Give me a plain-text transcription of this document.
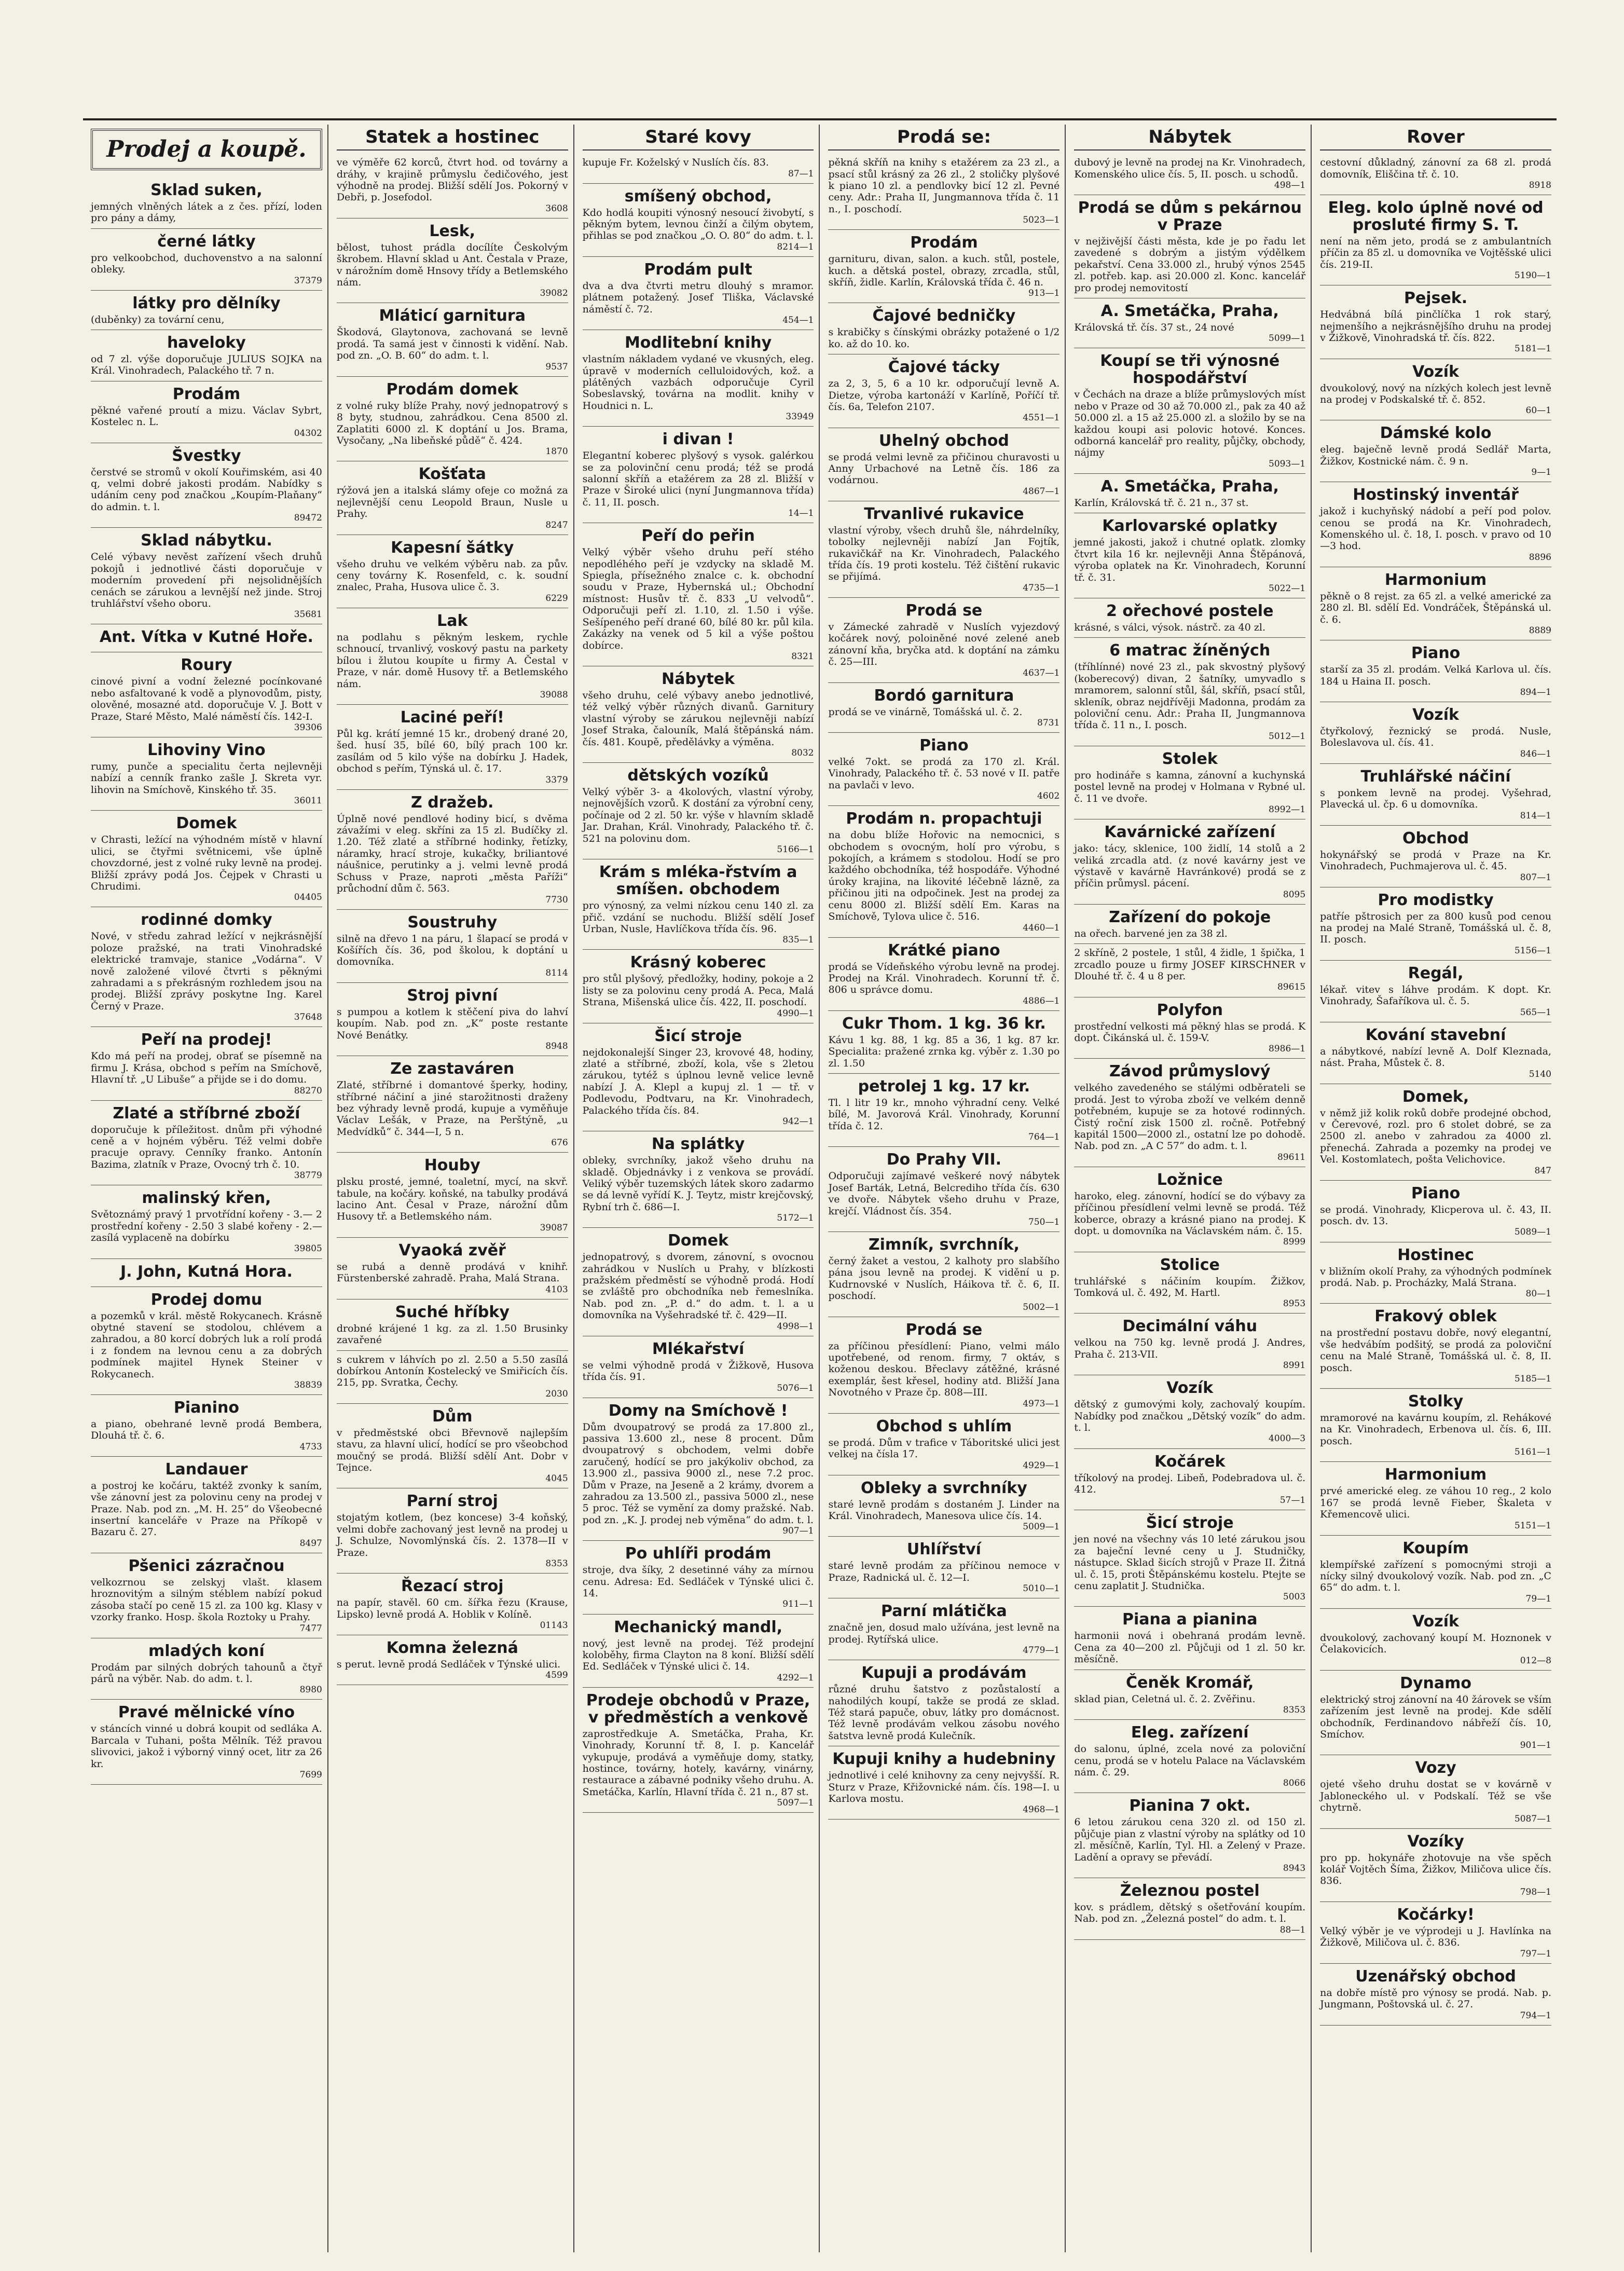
Prodej a koupě.
Sklad suken,
jemných vlněných látek a z čes. přízí, loden pro pány a dámy,
černé látky
pro velkoobchod, duchovenstvo a na salonní obleky.
37379
látky pro dělníky
(duběnky) za tovární cenu,
haveloky
od 7 zl. výše doporučuje JULIUS SOJKA na Král. Vinohradech, Palackého tř. 7 n.
Prodám
pěkné vařené proutí a mizu. Václav Sybrt, Kostelec n. L.
04302
Švestky
čerstvé se stromů v okolí Kouřimském, asi 40 q, velmi dobré jakosti prodám. Nabídky s udáním ceny pod značkou „Koupím-Plaňany“ do admin. t. l.
89472
Sklad nábytku.
Celé výbavy nevěst zařízení všech druhů pokojů i jednotlivé části doporučuje v moderním provedení při nejsolidnějších cenách se zárukou a levnější než jinde. Stroj truhlářství všeho oboru.
35681
Ant. Vítka v Kutné Hoře.
Roury
cinové pivní a vodní železné pocínkované nebo asfaltované k vodě a plynovodům, pisty, olověné, mosazné atd. doporučuje V. J. Bott v Praze, Staré Město, Malé náměstí čís. 142-I.
39306
Lihoviny Vino
rumy, punče a specialitu čerta nejlevněji nabízí a cenník franko zašle J. Skreta vyr. lihovin na Smíchově, Kinského tř. 35.
36011
Domek
v Chrasti, ležící na výhodném místě v hlavní ulici, se čtyřmi světnicemi, vše úplně chovzdorné, jest z volné ruky levně na prodej. Bližší zprávy podá Jos. Čejpek v Chrasti u Chrudimi.
04405
rodinné domky
Nové, v středu zahrad ležící v nejkrásnější poloze pražské, na trati Vinohradské elektrické tramvaje, stanice „Vodárna“. V nově založené vilové čtvrti s pěknými zahradami a s překrásným rozhledem jsou na prodej. Bližší zprávy poskytne Ing. Karel Černý v Praze.
37648
Peří na prodej!
Kdo má peří na prodej, obrať se písemně na firmu J. Krása, obchod s peřím na Smíchově, Hlavní tř. „U Libuše“ a přijde se i do domu.
88270
Zlaté a stříbrné zboží
doporučuje k příležitost. dnům při výhodné ceně a v hojném výběru. Též velmi dobře pracuje opravy. Cenníky franko. Antonín Bazima, zlatník v Praze, Ovocný trh č. 10.
38779
malinský křen,
Světoznámý pravý 1 prvotřídní kořeny - 3.— 2 prostřední kořeny - 2.50 3 slabé kořeny - 2.— zasílá vyplaceně na dobírku
39805
J. John, Kutná Hora.
Prodej domu
a pozemků v král. městě Rokycanech. Krásně obytné stavení se stodolou, chlévem a zahradou, a 80 korcí dobrých luk a rolí prodá i z fondem na levnou cenu a za dobrých podmínek majitel Hynek Steiner v Rokycanech.
38839
Pianino
a piano, obehrané levně prodá Bembera, Dlouhá tř. č. 6.
4733
Landauer
a postroj ke kočáru, taktéž zvonky k saním, vše zánovní jest za polovinu ceny na prodej v Praze. Nab. pod zn. „M. H. 25“ do Všeobecné insertní kanceláře v Praze na Příkopě v Bazaru č. 27.
8497
Pšenici zázračnou
velkozrnou se zelskyj vlašt. klasem hroznovitým a silným stéblem nabízí pokud zásoba stačí po ceně 15 zl. za 100 kg. Klasy v vzorky franko. Hosp. škola Roztoky u Prahy.
7477
mladých koní
Prodám par silných dobrých tahounů a čtyř párů na výběr. Nab. do adm. t. l.
8980
Pravé mělnické víno
v stáncích vinné u dobrá koupit od sedláka A. Barcala v Tuhani, pošta Mělník. Též pravou slivovici, jakož i výborný vinný ocet, litr za 26 kr.
7699
Statek a hostinec
ve výměře 62 korců, čtvrt hod. od továrny a dráhy, v krajině průmyslu čedičového, jest výhodně na prodej. Bližší sdělí Jos. Pokorný v Debři, p. Josefodol.
3608
Lesk,
bělost, tuhost prádla docílíte Českolvým škrobem. Hlavní sklad u Ant. Čestala v Praze, v nárožním domě Hnsovy třídy a Betlemského nám.
39082
Mláticí garnitura
Škodová, Glaytonova, zachovaná se levně prodá. Ta samá jest v činnosti k vidění. Nab. pod zn. „O. B. 60“ do adm. t. l.
9537
Prodám domek
z volné ruky blíže Prahy, nový jednopatrový s 8 byty, studnou, zahrádkou. Cena 8500 zl. Zaplatiti 6000 zl. K doptání u Jos. Brama, Vysočany, „Na libeňské půdě“ č. 424.
1870
Košťata
rýžová jen a italská slámy ofeje co možná za nejlevnější cenu Leopold Braun, Nusle u Prahy.
8247
Kapesní šátky
všeho druhu ve velkém výběru nab. za pův. ceny továrny K. Rosenfeld, c. k. soudní znalec, Praha, Husova ulice č. 3.
6229
Lak
na podlahu s pěkným leskem, rychle schnoucí, trvanlivý, voskový pastu na parkety bílou i žlutou koupíte u firmy A. Čestal v Praze, v nár. domě Husovy tř. a Betlemského nám.
39088
Laciné peří!
Půl kg. krátí jemné 15 kr., drobený drané 20, šed. husí 35, bílé 60, bílý prach 100 kr. zasílám od 5 kilo výše na dobírku J. Hadek, obchod s peřím, Týnská ul. č. 17.
3379
Z dražeb.
Úplně nové pendlové hodiny bicí, s dvěma závažími v eleg. skříni za 15 zl. Budíčky zl. 1.20. Též zlaté a stříbrné hodinky, řetízky, náramky, hrací stroje, kukačky, briliantové náušnice, perutinky a j. velmi levně prodá Schuss v Praze, naproti „města Paříži“ průchodní dům č. 563.
7730
Soustruhy
silně na dřevo 1 na páru, 1 šlapací se prodá v Košířích čís. 36, pod školou, k doptání u domovníka.
8114
Stroj pivní
s pumpou a kotlem k stěčení piva do lahví koupím. Nab. pod zn. „K“ poste restante Nové Benátky.
8948
Ze zastaváren
Zlaté, stříbrné i domantové šperky, hodiny, stříbrné náčiní a jiné starožitnosti draženy bez výhrady levně prodá, kupuje a vyměňuje Václav Lešák, v Praze, na Perštýně, „u Medvídků“ č. 344—I, 5 n.
676
Houby
plsku prosté, jemné, toaletní, mycí, na skvř. tabule, na kočáry. koňské, na tabulky prodává lacino Ant. Česal v Praze, nárožní dům Husovy tř. a Betlemského nám.
39087
Vyaoká zvěř
se rubá a denně prodává v knihř. Fürstenberské zahradě. Praha, Malá Strana.
4103
Suché hříbky
drobné krájené 1 kg. za zl. 1.50 Brusinky zavařené
s cukrem v láhvích po zl. 2.50 a 5.50 zasílá dobírkou Antonín Kostelecký ve Smiřicích čís. 215, pp. Svratka, Čechy.
2030
Dům
v předměstské obci Břevnově najlepším stavu, za hlavní ulicí, hodící se pro všeobchod moučný se prodá. Bližší sdělí Ant. Dobr v Tejnce.
4045
Parní stroj
stojatým kotlem, (bez koncese) 3-4 koňský, velmi dobře zachovaný jest levně na prodej u J. Schulze, Novomlýnská čís. 2. 1378—II v Praze.
8353
Řezací stroj
na papír, stavěl. 60 cm. šířka řezu (Krause, Lipsko) levně prodá A. Hoblik v Kolíně.
01143
Komna železná
s perut. levně prodá Sedláček v Týnské ulici.
4599
Staré kovy
kupuje Fr. Koželský v Nuslích čís. 83.
87—1
smíšený obchod,
Kdo hodlá koupiti výnosný nesoucí živobytí, s pěkným bytem, levnou činží a čilým obytem, přihlas se pod značkou „O. O. 80“ do adm. t. l.
8214—1
Prodám pult
dva a dva čtvrti metru dlouhý s mramor. plátnem potažený. Josef Tliška, Václavské náměstí č. 72.
454—1
Modlitební knihy
vlastním nákladem vydané ve vkusných, eleg. úpravě v moderních celluloidových, kož. a plátěných vazbách odporučuje Cyril Sobeslavský, továrna na modlit. knihy v Houdnici n. L.
33949
i divan !
Elegantní koberec plyšový s vysok. galérkou se za polovinční cenu prodá; též se prodá salonní skříň a etažérem za 28 zl. Bližší v Praze v Široké ulici (nyní Jungmannova třída) č. 11, II. posch.
14—1
Peří do peřin
Velký výběr všeho druhu peří stého nepodléhého peří je vzdycky na skladě M. Spiegla, přísežného znalce c. k. obchodní soudu v Praze, Hybernská ul.; Obchodní místnost: Husův tř. č. 833 „U velvodů“. Odporučuji peří zl. 1.10, zl. 1.50 i výše. Sešípeného peří drané 60, bílé 80 kr. půl kila. Zakázky na venek od 5 kil a výše poštou dobírce.
8321
Nábytek
všeho druhu, celé výbavy anebo jednotlivé, též velký výběr různých divanů. Garnitury vlastní výroby se zárukou nejlevněji nabízí Josef Straka, čalouník, Malá štěpánská nám. čís. 481. Koupě, předělávky a výměna.
8032
dětských vozíků
Velký výběr 3- a 4kolových, vlastní výroby, nejnovějších vzorů. K dostání za výrobní ceny, počínaje od 2 zl. 50 kr. výše v hlavním skladě Jar. Drahan, Král. Vinohrady, Palackého tř. č. 521 na polovinu dom.
5166—1
Krám s mléka-řstvím a smíšen. obchodem
pro výnosný, za velmi nízkou cenu 140 zl. za přič. vzdání se nuchodu. Bližší sdělí Josef Urban, Nusle, Havlíčkova třída čís. 96.
835—1
Krásný koberec
pro stůl plyšový, předložky, hodiny, pokoje a 2 listy se za polovinu ceny prodá A. Peca, Malá Strana, Mišenská ulice čís. 422, II. poschodí.
4990—1
Šicí stroje
nejdokonalejší Singer 23, krovové 48, hodiny, zlaté a stříbrné, zboží, kola, vše s 2letou zárukou, tytéž s úplnou levně velice levně nabízí J. A. Klepl a kupuj zl. 1 — tř. v Podlevodu, Podtvaru, na Kr. Vinohradech, Palackého třída čís. 84.
942—1
Na splátky
obleky, svrchníky, jakož všeho druhu na skladě. Objednávky i z venkova se provádí. Veliký výběr tuzemských látek skoro zadarmo se dá levně vyřídí K. J. Teytz, mistr krejčovský, Rybní trh č. 686—I.
5172—1
Domek
jednopatrový, s dvorem, zánovní, s ovocnou zahrádkou v Nuslích u Prahy, v blízkosti pražském předměstí se výhodně prodá. Hodí se zvláště pro obchodníka neb řemeslníka. Nab. pod zn. „P. d.“ do adm. t. l. a u domovníka na Vyšehradské tř. č. 429—II.
4998—1
Mlékařství
se velmi výhodně prodá v Žižkově, Husova třída čís. 91.
5076—1
Domy na Smíchově !
Dům dvoupatrový se prodá za 17.800 zl., passiva 13.600 zl., nese 8 procent. Dům dvoupatrový s obchodem, velmi dobře zaručený, hodící se pro jakýkoliv obchod, za 13.900 zl., passiva 9000 zl., nese 7.2 proc. Dům v Praze, na Jeseně a 2 krámy, dvorem a zahradou za 13.500 zl., passiva 5000 zl., nese 5 proc. Též se vymění za domy pražské. Nab. pod zn. „K. J. prodej neb výměna“ do adm. t. l.
907—1
Po uhlíři prodám
stroje, dva šíky, 2 desetinné váhy za mírnou cenu. Adresa: Ed. Sedláček v Týnské ulici č. 14.
911—1
Mechanický mandl,
nový, jest levně na prodej. Též prodejní koloběhy, firma Clayton na 8 koní. Bližší sdělí Ed. Sedláček v Týnské ulici č. 14.
4292—1
Prodeje obchodů v Praze, v předměstích a venkově
zaprostředkuje A. Smetáčka, Praha, Kr. Vinohrady, Korunní tř. 8, I. p. Kancelář vykupuje, prodává a vyměňuje domy, statky, hostince, továrny, hotely, kavárny, vinárny, restaurace a zábavné podniky všeho druhu. A. Smetáčka, Karlín, Hlavní třída č. 21 n., 87 st.
5097—1
Prodá se:
pěkná skříň na knihy s etažérem za 23 zl., a psací stůl krásný za 26 zl., 2 stoličky plyšové k piano 10 zl. a pendlovky bicí 12 zl. Pevné ceny. Adr.: Praha II, Jungmannova třída č. 11 n., I. poschodí.
5023—1
Prodám
garnituru, divan, salon. a kuch. stůl, postele, kuch. a dětská postel, obrazy, zrcadla, stůl, skříň, židle. Karlín, Královská třída č. 46 n.
913—1
Čajové bedničky
s krabičky s čínskými obrázky potažené o 1/2 ko. až do 10. ko.
Čajové tácky
za 2, 3, 5, 6 a 10 kr. odporučují levně A. Dietze, výroba kartonáží v Karlíně, Poříčí tř. čís. 6a, Telefon 2107.
4551—1
Uhelný obchod
se prodá velmi levně za přičinou churavosti u Anny Urbachové na Letně čís. 186 za vodárnou.
4867—1
Trvanlivé rukavice
vlastní výroby, všech druhů šle, náhrdelníky, tobolky nejlevněji nabízí Jan Fojtík, rukavičkář na Kr. Vinohradech, Palackého třída čís. 19 proti kostelu. Též čištění rukavic se přijímá.
4735—1
Prodá se
v Zámecké zahradě v Nuslích vyjezdový kočárek nový, poloiněné nové zelené aneb zánovní kňa, bryčka atd. k doptání na zámku č. 25—III.
4637—1
Bordó garnitura
prodá se ve vinárně, Tomášská ul. č. 2.
8731
Piano
velké 7okt. se prodá za 170 zl. Král. Vinohrady, Palackého tř. č. 53 nové v II. patře na pavlači v levo.
4602
Prodám n. propachtuji
na dobu blíže Hořovic na nemocnici, s obchodem s ovocným, holí pro výrobu, s pokojích, a krámem s stodolou. Hodí se pro každého obchodníka, též hospodáře. Výhodné úroky krajina, na likovité léčebně lázně, za přičinou jiti na odpočinek. Jest na prodej za cenu 8000 zl. Bližší sdělí Em. Karas na Smíchově, Tylova ulice č. 516.
4460—1
Krátké piano
prodá se Vídeňského výrobu levně na prodej. Prodej na Král. Vinohradech. Korunní tř. č. 806 u správce domu.
4886—1
Cukr Thom. 1 kg. 36 kr.
Kávu 1 kg. 88, 1 kg. 85 a 36, 1 kg. 87 kr. Specialita: pražené zrnka kg. výběr z. 1.30 po zl. 1.50
petrolej 1 kg. 17 kr.
Tl. l litr 19 kr., mnoho výhradní ceny. Velké bílé, M. Javorová Král. Vinohrady, Korunní třída č. 12.
764—1
Do Prahy VII.
Odporučuji zajímavé veškeré nový nábytek Josef Barták, Letná, Belcrediho třída čís. 630 ve dvoře. Nábytek všeho druhu v Praze, krejčí. Vládnost čís. 354.
750—1
Zimník, svrchník,
černý žaket a vestou, 2 kalhoty pro slabšího pána jsou levně na prodej. K vidění u p. Kudrnovské v Nuslích, Háikova tř. č. 6, II. poschodí.
5002—1
Prodá se
za příčinou přesídlení: Piano, velmi málo upotřebené, od renom. firmy, 7 oktáv, s koženou deskou. Břeclavy zátěžné, krásné exemplár, šest křesel, hodiny atd. Bližší Jana Novotného v Praze čp. 808—III.
4973—1
Obchod s uhlím
se prodá. Dům v trafice v Táboritské ulici jest velkej na čísla 17.
4929—1
Obleky a svrchníky
staré levně prodám s dostaném J. Linder na Král. Vinohradech, Manesova ulice čís. 14.
5009—1
Uhlířství
staré levně prodám za příčinou nemoce v Praze, Radnická ul. č. 12—I.
5010—1
Parní mlátička
značně jen, dosud malo užívána, jest levně na prodej. Rytířská ulice.
4779—1
Kupuji a prodávám
různé druhu šatstvo z pozůstalostí a nahodilých koupí, takže se prodá ze sklad. Též stará papuče, obuv, látky pro domácnost. Též levně prodávám velkou zásobu nového šatstva levně prodá Kulečník.
Kupuji knihy a hudebniny
jednotlivé i celé knihovny za ceny nejvyšší. R. Sturz v Praze, Křižovnické nám. čís. 198—I. u Karlova mostu.
4968—1
Nábytek
dubový je levně na prodej na Kr. Vinohradech, Komenského ulice čís. 5, II. posch. u schodů.
498—1
Prodá se dům s pekárnou v Praze
v nejživější části města, kde je po řadu let zavedené s dobrým a jistým výdělkem pekařství. Cena 33.000 zl., hrubý výnos 2545 zl. potřeb. kap. asi 20.000 zl. Konc. kancelář pro prodej nemovitostí
A. Smetáčka, Praha,
Královská tř. čís. 37 st., 24 nové
5099—1
Koupí se tři výnosné hospodářství
v Čechách na draze a blíže průmyslových míst nebo v Praze od 30 až 70.000 zl., pak za 40 až 50.000 zl. a 15 až 25.000 zl. a složilo by se na každou koupi asi polovic hotové. Konces. odborná kancelář pro reality, půjčky, obchody, nájmy
5093—1
A. Smetáčka, Praha,
Karlín, Královská tř. č. 21 n., 37 st.
Karlovarské oplatky
jemné jakosti, jakož i chutné oplatk. zlomky čtvrt kila 16 kr. nejlevněji Anna Štěpánová, výroba oplatek na Kr. Vinohradech, Korunní tř. č. 31.
5022—1
2 ořechové postele
krásné, s válci, výsok. nástrč. za 40 zl.
6 matrac žíněných
(tříhlínné) nové 23 zl., pak skvostný plyšový (koberecový) divan, 2 šatníky, umyvadlo s mramorem, salonní stůl, šál, skříň, psací stůl, skleník, obraz nejdřívěji Madonna, prodám za poloviční cenu. Adr.: Praha II, Jungmannova třída č. 11 n., I. posch.
5012—1
Stolek
pro hodináře s kamna, zánovní a kuchynská postel levně na prodej v Holmana v Rybné ul. č. 11 ve dvoře.
8992—1
Kavárnické zařízení
jako: tácy, sklenice, 100 židlí, 14 stolů a 2 veliká zrcadla atd. (z nové kavárny jest ve výstavě v kavárně Havránkové) prodá se z příčin průmysl. pácení.
8095
Zařízení do pokoje
na ořech. barvené jen za 38 zl.
2 skříně, 2 postele, 1 stůl, 4 židle, 1 špička, 1 zrcadlo pouze u firmy JOSEF KIRSCHNER v Dlouhé tř. č. 4 u 8 per.
89615
Polyfon
prostřední velkosti má pěkný hlas se prodá. K dopt. Čikánská ul. č. 159-V.
8986—1
Závod průmyslový
velkého zavedeného se stálými odběrateli se prodá. Jest to výroba zboží ve velkém denně potřebném, kupuje se za hotové rodinných. Čistý roční zisk 1500 zl. ročně. Potřebný kapitál 1500—2000 zl., ostatní lze po dohodě. Nab. pod zn. „A C 57“ do adm. t. l.
89611
Ložnice
harokо, eleg. zánovní, hodící se do výbavy za příčinou přesídlení velmi levně se prodá. Též koberce, obrazy a krásné piano na prodej. K dopt. u domovníka na Václavském nám. č. 15.
8999
Stolice
truhlářské s náčiním koupím. Žižkov, Tomková ul. č. 492, M. Hartl.
8953
Decimální váhu
velkou na 750 kg. levně prodá J. Andres, Praha č. 213-VII.
8991
Vozík
dětský z gumovými koly, zachovalý koupím. Nabídky pod značkou „Dětský vozík“ do adm. t. l.
4000—3
Kočárek
tříkolový na prodej. Libeň, Podebradova ul. č. 412.
57—1
Šicí stroje
jen nové na všechny vás 10 leté zárukou jsou za baječní levné ceny u J. Studničky, nástupce. Sklad šicích strojů v Praze II. Žitná ul. č. 15, proti Štěpánskému kostelu. Ptejte se cenu zaplatit J. Studnička.
5003
Piana a pianina
harmonii nová i obehraná prodám levně. Cena za 40—200 zl. Půjčuji od 1 zl. 50 kr. měsíčně.
Čeněk Kromář,
sklad pian, Celetná ul. č. 2. Zvěřinu.
8353
Eleg. zařízení
do salonu, úplné, zcela nové za poloviční cenu, prodá se v hotelu Palace na Václavském nám. č. 29.
8066
Pianina 7 okt.
6 letou zárukou cena 320 zl. od 150 zl. půjčuje pian z vlastní výroby na splátky od 10 zl. měsíčně, Karlín, Tyl. Hl. a Zelený v Praze. Ladění a opravy se převádí.
8943
Železnou postel
kov. s prádlem, dětský s ošetřování koupím. Nab. pod zn. „Železná postel“ do adm. t. l.
88—1
Rover
cestovní důkladný, zánovní za 68 zl. prodá domovník, Eliščina tř. č. 10.
8918
Eleg. kolo úplně nové od prosluté firmy S. T.
není na něm jeto, prodá se z ambulantních příčin za 85 zl. u domovníka ve Vojtěšské ulici čís. 219-II.
5190—1
Pejsek.
Hedvábná bílá pinčlíčka 1 rok starý, nejmenšího a nejkrásnějšího druhu na prodej v Žižkově, Vinohradská tř. čís. 822.
5181—1
Vozík
dvoukolový, nový na nízkých kolech jest levně na prodej v Podskalské tř. č. 852.
60—1
Dámské kolo
eleg. baječně levně prodá Sedlář Marta, Žižkov, Kostnické nám. č. 9 n.
9—1
Hostinský inventář
jakož i kuchyňský nádobí a peří pod polov. cenou se prodá na Kr. Vinohradech, Komenského ul. č. 18, I. posch. v pravo od 10—3 hod.
8896
Harmonium
pěkně o 8 rejst. za 65 zl. a velké americké za 280 zl. Bl. sdělí Ed. Vondráček, Štěpánská ul. č. 6.
8889
Piano
starší za 35 zl. prodám. Velká Karlova ul. čís. 184 u Haina II. posch.
894—1
Vozík
čtyřkolový, řeznický se prodá. Nusle, Boleslavova ul. čís. 41.
846—1
Truhlářské náčiní
s ponkem levně na prodej. Vyšehrad, Plavecká ul. čp. 6 u domovníka.
814—1
Obchod
hokynářský se prodá v Praze na Kr. Vinohradech, Puchmajerova ul. č. 45.
807—1
Pro modistky
patříe pštrosich per za 800 kusů pod cenou na prodej na Malé Straně, Tomášská ul. č. 8, II. posch.
5156—1
Regál,
lékař. vitev s láhve prodám. K dopt. Kr. Vinohrady, Šafaříkova ul. č. 5.
565—1
Kování stavební
a nábytkové, nabízí levně A. Dolf Kleznada, nást. Praha, Můstek č. 8.
5140
Domek,
v němž již kolik roků dobře prodejné obchod, v Čerevové, rozl. pro 6 stolet dobré, se za 2500 zl. anebo v zahradou za 4000 zl. přenechá. Zahrada a pozemky na prodej ve Vel. Kostomlatech, pošta Velichovice.
847
Piano
se prodá. Vinohrady, Klicperova ul. č. 43, II. posch. dv. 13.
5089—1
Hostinec
v bližním okolí Prahy, za výhodných podmínek prodá. Nab. p. Procházky, Malá Strana.
80—1
Frakový oblek
na prostřední postavu dobře, nový elegantní, vše hedvábím podšitý, se prodá za poloviční cenu na Malé Straně, Tomášská ul. č. 8, II. posch.
5185—1
Stolky
mramorové na kavárnu koupím, zl. Rehákové na Kr. Vinohradech, Erbenova ul. čís. 6, III. posch.
5161—1
Harmonium
prvé americké eleg. ze váhou 10 reg., 2 kolo 167 se prodá levně Fieber, Škaleta v Křemencově ulici.
5151—1
Koupím
klempířské zařízení s pomocnými stroji a nícky silný dvoukolový vozík. Nab. pod zn. „C 65“ do adm. t. l.
79—1
Vozík
dvoukolový, zachovaný koupí M. Hoznonek v Čelakovicích.
012—8
Dynamo
elektrický stroj zánovní na 40 žárovek se vším zařízením jest levně na prodej. Kde sdělí obchodník, Ferdinandovo nábřeží čís. 10, Smíchov.
901—1
Vozy
ojeté všeho druhu dostat se v kovárně v Jabloneckého ul. v Podskalí. Též se vše chytrně.
5087—1
Vozíky
pro pp. hokynáře zhotovuje na vše spěch kolář Vojtěch Šíma, Žižkov, Miličova ulice čís. 836.
798—1
Kočárky!
Velký výběr je ve výprodeji u J. Havlínka na Žižkově, Miličova ul. č. 836.
797—1
Uzenářský obchod
na dobře místě pro výnosy se prodá. Nab. p. Jungmann, Poštovská ul. č. 27.
794—1
